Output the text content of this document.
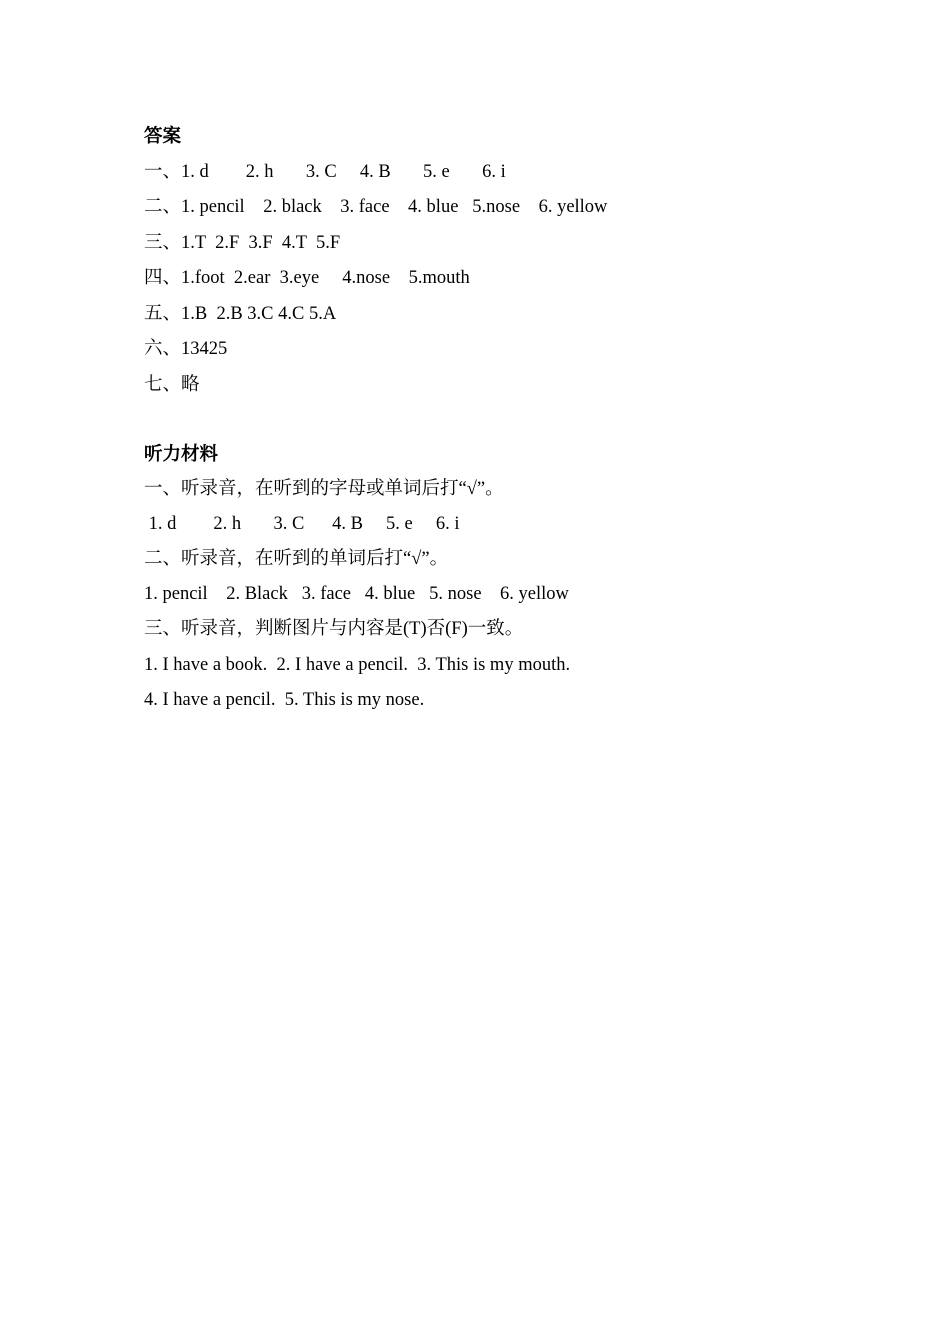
答案
一、1. d        2. h       3. C     4. B       5. e       6. i
二、1. pencil    2. black    3. face    4. blue   5.nose    6. yellow
三、1.T  2.F  3.F  4.T  5.F
四、1.foot  2.ear  3.eye     4.nose    5.mouth
五、1.B  2.B 3.C 4.C 5.A
六、13425
七、略
听力材料
一、听录音，在听到的字母或单词后打“√”。
1. d        2. h       3. C      4. B     5. e     6. i
二、听录音，在听到的单词后打“√”。
1. pencil    2. Black   3. face   4. blue   5. nose    6. yellow
三、听录音，判断图片与内容是(T)否(F)一致。
1. I have a book.  2. I have a pencil.  3. This is my mouth.
4. I have a pencil.  5. This is my nose.
